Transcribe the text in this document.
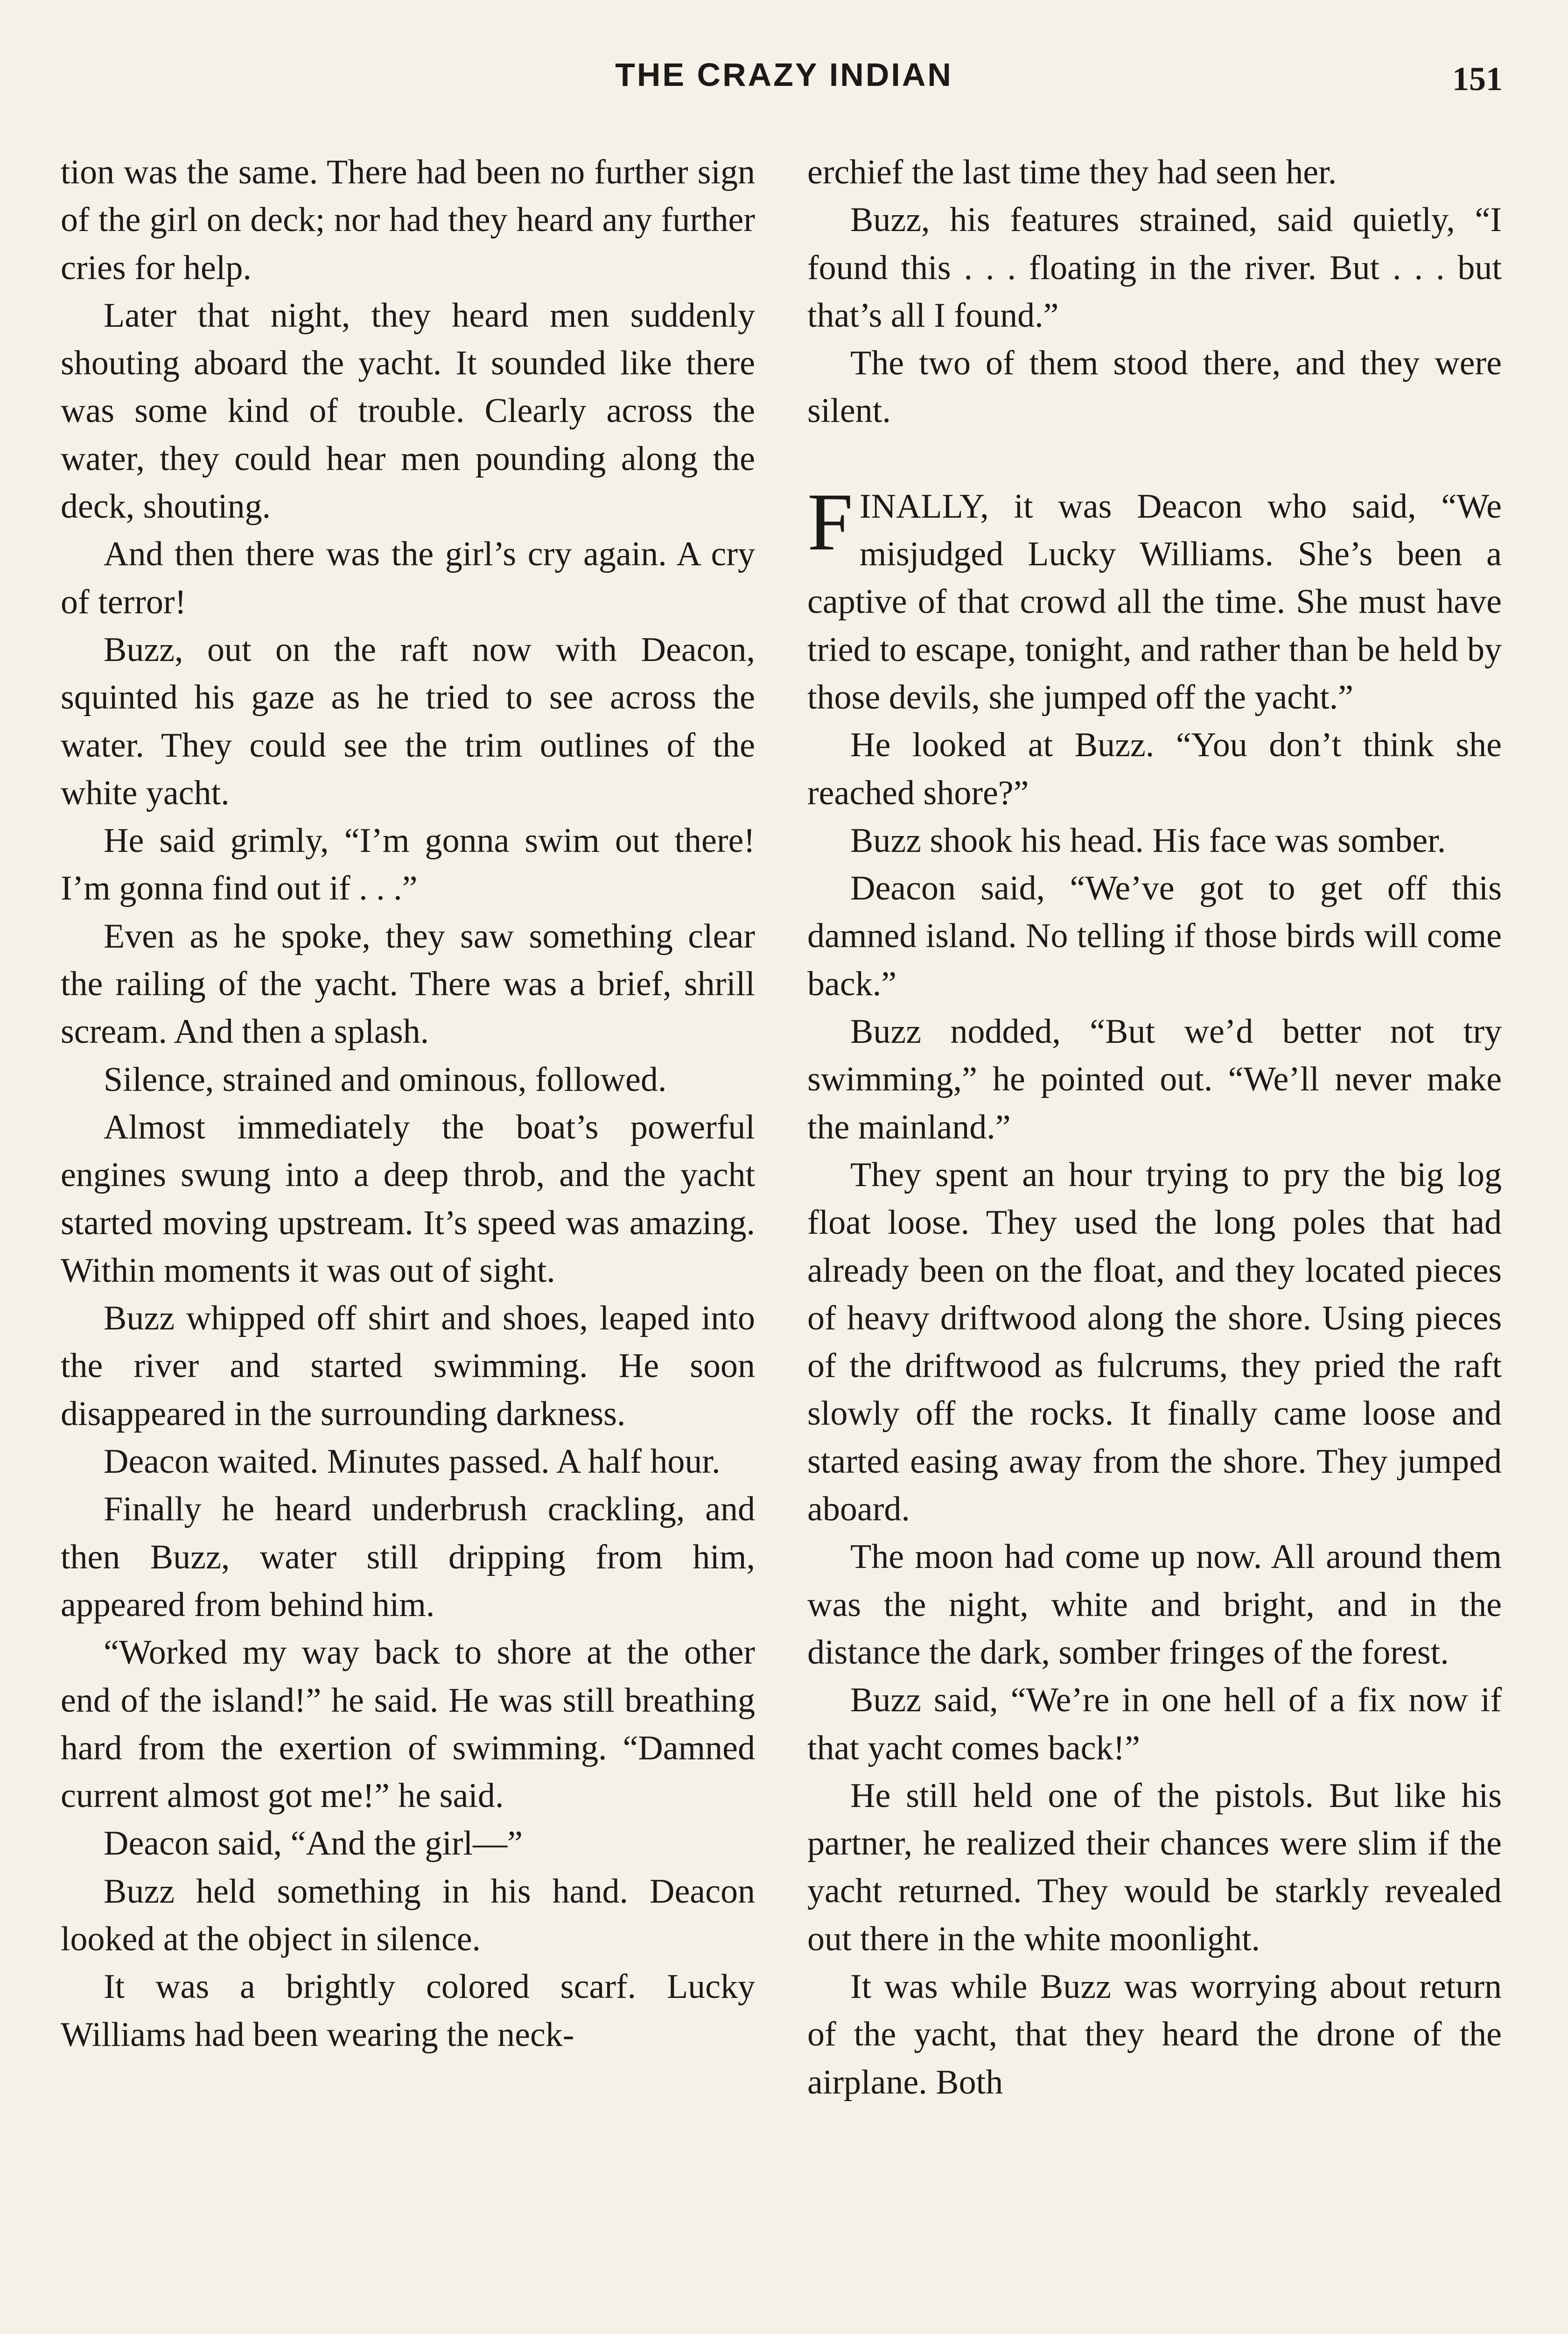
THE CRAZY INDIAN	151

tion was the same. There had been no further sign of the girl on deck; nor had they heard any further cries for help.

Later that night, they heard men suddenly shouting aboard the yacht. It sounded like there was some kind of trouble. Clearly across the water, they could hear men pounding along the deck, shouting.

And then there was the girl’s cry again. A cry of terror!

Buzz, out on the raft now with Deacon, squinted his gaze as he tried to see across the water. They could see the trim outlines of the white yacht.

He said grimly, “I’m gonna swim out there! I’m gonna find out if . . .”

Even as he spoke, they saw something clear the railing of the yacht. There was a brief, shrill scream. And then a splash.

Silence, strained and ominous, followed.

Almost immediately the boat’s powerful engines swung into a deep throb, and the yacht started moving upstream. It’s speed was amazing. Within moments it was out of sight.

Buzz whipped off shirt and shoes, leaped into the river and started swimming. He soon disappeared in the surrounding darkness.

Deacon waited. Minutes passed. A half hour.

Finally he heard underbrush crackling, and then Buzz, water still dripping from him, appeared from behind him.

“Worked my way back to shore at the other end of the island!” he said. He was still breathing hard from the exertion of swimming. “Damned current almost got me!” he said.

Deacon said, “And the girl—”

Buzz held something in his hand. Deacon looked at the object in silence.

It was a brightly colored scarf. Lucky Williams had been wearing the neck-

erchief the last time they had seen her.

Buzz, his features strained, said quietly, “I found this . . . floating in the river. But . . . but that’s all I found.”

The two of them stood there, and they were silent.

FINALLY, it was Deacon who said, “We misjudged Lucky Williams. She’s been a captive of that crowd all the time. She must have tried to escape, tonight, and rather than be held by those devils, she jumped off the yacht.”

He looked at Buzz. “You don’t think she reached shore?”

Buzz shook his head. His face was somber.

Deacon said, “We’ve got to get off this damned island. No telling if those birds will come back.”

Buzz nodded, “But we’d better not try swimming,” he pointed out. “We’ll never make the mainland.”

They spent an hour trying to pry the big log float loose. They used the long poles that had already been on the float, and they located pieces of heavy driftwood along the shore. Using pieces of the driftwood as fulcrums, they pried the raft slowly off the rocks. It finally came loose and started easing away from the shore. They jumped aboard.

The moon had come up now. All around them was the night, white and bright, and in the distance the dark, somber fringes of the forest.

Buzz said, “We’re in one hell of a fix now if that yacht comes back!”

He still held one of the pistols. But like his partner, he realized their chances were slim if the yacht returned. They would be starkly revealed out there in the white moonlight.

It was while Buzz was worrying about return of the yacht, that they heard the drone of the airplane. Both
